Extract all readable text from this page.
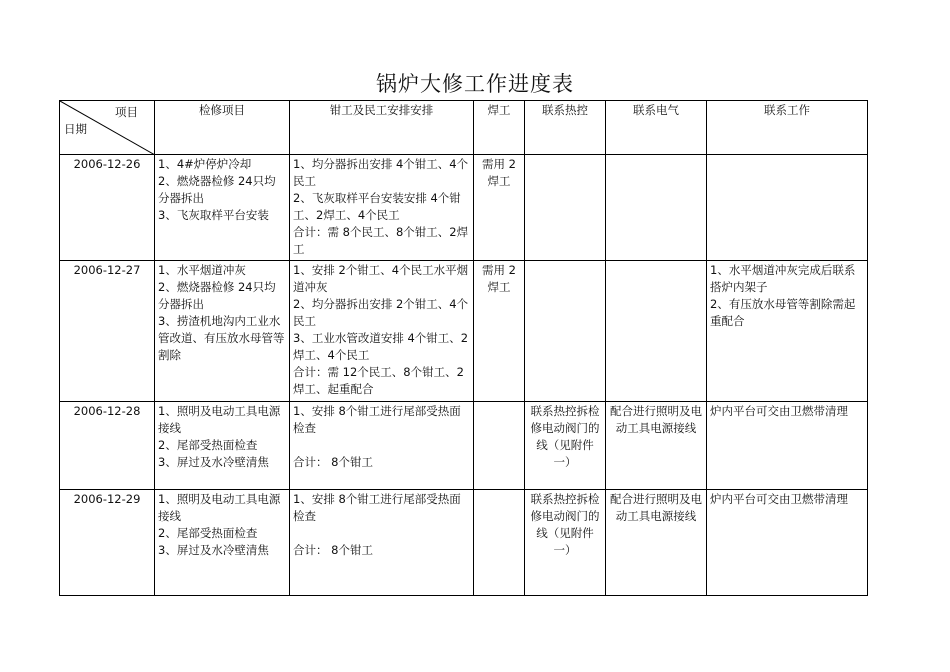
锅炉大修工作进度表
项目
日期	检修项目	钳工及民工安排安排	焊工	联系热控	联系电气	联系工作

2006-12-26	1、4#炉停炉冷却
2、燃烧器检修 24只均分器拆出
3、飞灰取样平台安装	1、均分器拆出安排 4个钳工、4个民工
2、飞灰取样平台安装安排 4个钳工、2焊工、4个民工
合计：需 8个民工、8个钳工、2焊工	需用 2焊工			

2006-12-27	1、水平烟道冲灰
2、燃烧器检修 24只均分器拆出
3、捞渣机地沟内工业水管改道、有压放水母管等割除	1、安排 2个钳工、4个民工水平烟道冲灰
2、均分器拆出安排 2个钳工、4个民工
3、工业水管改道安排 4个钳工、2焊工、4个民工
合计：需 12个民工、8个钳工、2焊工、起重配合	需用 2焊工			1、水平烟道冲灰完成后联系搭炉内架子
2、有压放水母管等割除需起重配合

2006-12-28	1、照明及电动工具电源接线
2、尾部受热面检查
3、屏过及水冷壁清焦	1、安排 8个钳工进行尾部受热面检查
合计： 8个钳工		联系热控拆检修电动阀门的线（见附件一）	配合进行照明及电动工具电源接线	炉内平台可交由卫燃带清理

2006-12-29	1、照明及电动工具电源接线
2、尾部受热面检查
3、屏过及水冷壁清焦	1、安排 8个钳工进行尾部受热面检查
合计： 8个钳工		联系热控拆检修电动阀门的线（见附件一）	配合进行照明及电动工具电源接线	炉内平台可交由卫燃带清理
